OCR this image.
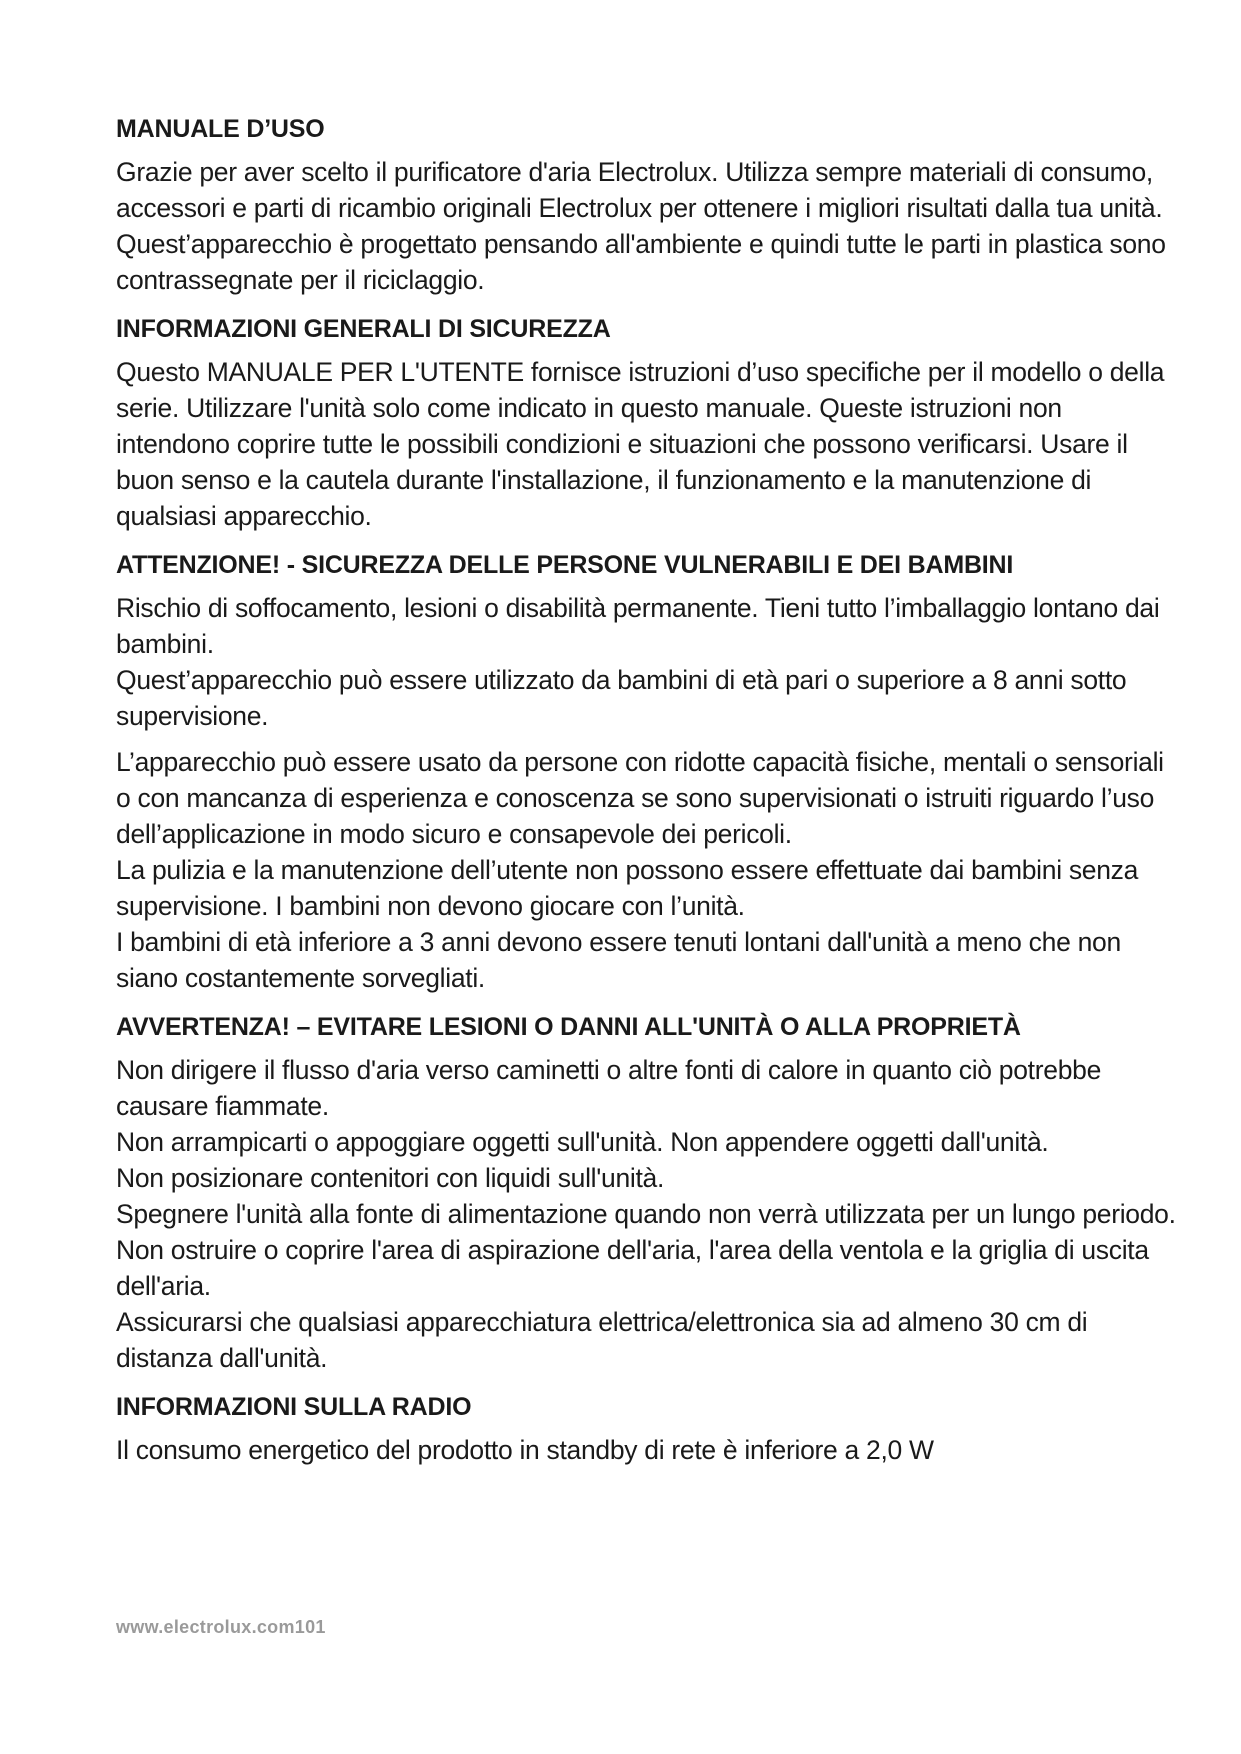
MANUALE D’USO

Grazie per aver scelto il purificatore d'aria Electrolux. Utilizza sempre materiali di consumo, accessori e parti di ricambio originali Electrolux per ottenere i migliori risultati dalla tua unità. Quest’apparecchio è progettato pensando all'ambiente e quindi tutte le parti in plastica sono contrassegnate per il riciclaggio.

INFORMAZIONI GENERALI DI SICUREZZA

Questo MANUALE PER L'UTENTE fornisce istruzioni d’uso specifiche per il modello o della serie. Utilizzare l'unità solo come indicato in questo manuale. Queste istruzioni non intendono coprire tutte le possibili condizioni e situazioni che possono verificarsi. Usare il buon senso e la cautela durante l'installazione, il funzionamento e la manutenzione di qualsiasi apparecchio.

ATTENZIONE! - SICUREZZA DELLE PERSONE VULNERABILI E DEI BAMBINI

Rischio di soffocamento, lesioni o disabilità permanente. Tieni tutto l’imballaggio lontano dai bambini.

Quest’apparecchio può essere utilizzato da bambini di età pari o superiore a 8 anni sotto supervisione.

L’apparecchio può essere usato da persone con ridotte capacità fisiche, mentali o sensoriali o con mancanza di esperienza e conoscenza se sono supervisionati o istruiti riguardo l’uso dell’applicazione in modo sicuro e consapevole dei pericoli.

La pulizia e la manutenzione dell’utente non possono essere effettuate dai bambini senza supervisione. I bambini non devono giocare con l’unità.

I bambini di età inferiore a 3 anni devono essere tenuti lontani dall'unità a meno che non siano costantemente sorvegliati.

AVVERTENZA! – EVITARE LESIONI O DANNI ALL'UNITÀ O ALLA PROPRIETÀ

Non dirigere il flusso d'aria verso caminetti o altre fonti di calore in quanto ciò potrebbe causare fiammate.

Non arrampicarti o appoggiare oggetti sull'unità. Non appendere oggetti dall'unità.

Non posizionare contenitori con liquidi sull'unità.

Spegnere l'unità alla fonte di alimentazione quando non verrà utilizzata per un lungo periodo.

Non ostruire o coprire l'area di aspirazione dell'aria, l'area della ventola e la griglia di uscita dell'aria.

Assicurarsi che qualsiasi apparecchiatura elettrica/elettronica sia ad almeno 30 cm di distanza dall'unità.

INFORMAZIONI SULLA RADIO

Il consumo energetico del prodotto in standby di rete è inferiore a 2,0 W

www.electrolux.com101
